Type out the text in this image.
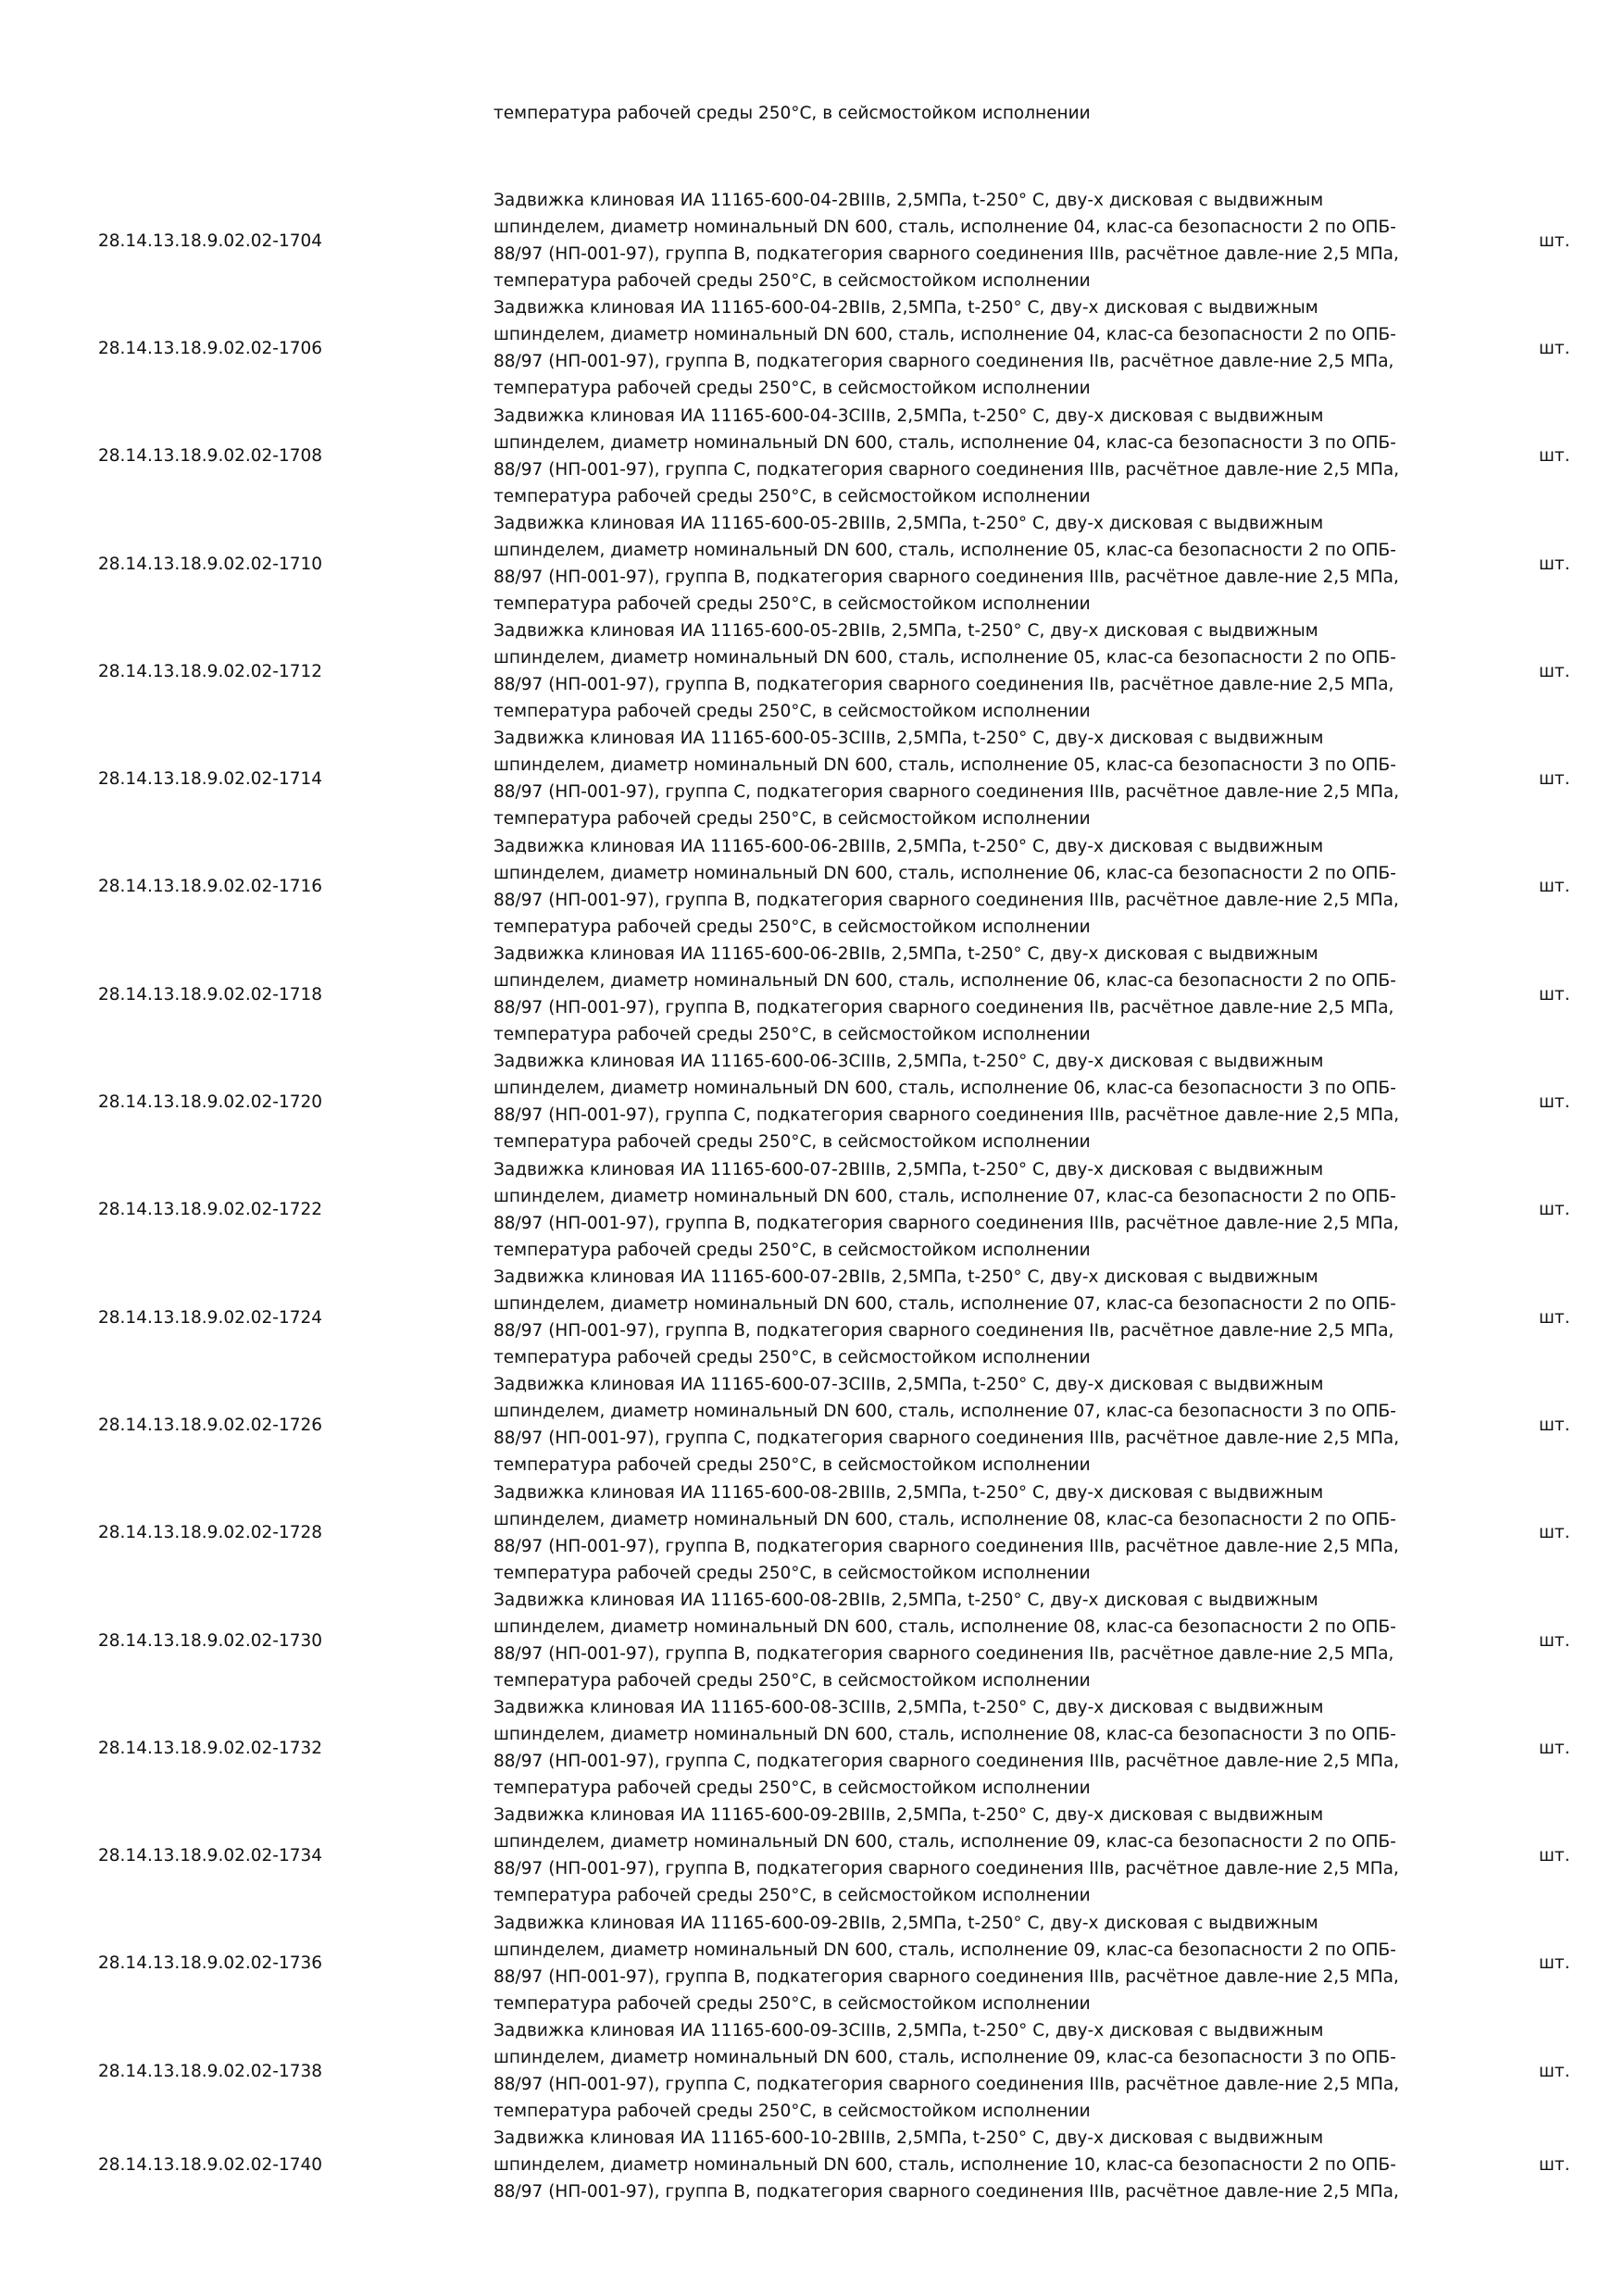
температура рабочей среды 250°С, в сейсмостойком исполнении
28.14.13.18.9.02.02-1704
Задвижка клиновая ИА 11165-600-04-2ВIIIв, 2,5МПа, t-250° С, дву-х дисковая с выдвижным
шпинделем, диаметр номинальный DN 600, сталь, исполнение 04, клас-са безопасности 2 по ОПБ-
88/97 (НП-001-97), группа В, подкатегория сварного соединения IIIв, расчётное давле-ние 2,5 МПа,
температура рабочей среды 250°С, в сейсмостойком исполнении
шт.
28.14.13.18.9.02.02-1706
Задвижка клиновая ИА 11165-600-04-2ВIIв, 2,5МПа, t-250° С, дву-х дисковая с выдвижным
шпинделем, диаметр номинальный DN 600, сталь, исполнение 04, клас-са безопасности 2 по ОПБ-
88/97 (НП-001-97), группа В, подкатегория сварного соединения IIв, расчётное давле-ние 2,5 МПа,
температура рабочей среды 250°С, в сейсмостойком исполнении
шт.
28.14.13.18.9.02.02-1708
Задвижка клиновая ИА 11165-600-04-3СIIIв, 2,5МПа, t-250° С, дву-х дисковая с выдвижным
шпинделем, диаметр номинальный DN 600, сталь, исполнение 04, клас-са безопасности 3 по ОПБ-
88/97 (НП-001-97), группа С, подкатегория сварного соединения IIIв, расчётное давле-ние 2,5 МПа,
температура рабочей среды 250°С, в сейсмостойком исполнении
шт.
28.14.13.18.9.02.02-1710
Задвижка клиновая ИА 11165-600-05-2ВIIIв, 2,5МПа, t-250° С, дву-х дисковая с выдвижным
шпинделем, диаметр номинальный DN 600, сталь, исполнение 05, клас-са безопасности 2 по ОПБ-
88/97 (НП-001-97), группа В, подкатегория сварного соединения IIIв, расчётное давле-ние 2,5 МПа,
температура рабочей среды 250°С, в сейсмостойком исполнении
шт.
28.14.13.18.9.02.02-1712
Задвижка клиновая ИА 11165-600-05-2ВIIв, 2,5МПа, t-250° С, дву-х дисковая с выдвижным
шпинделем, диаметр номинальный DN 600, сталь, исполнение 05, клас-са безопасности 2 по ОПБ-
88/97 (НП-001-97), группа В, подкатегория сварного соединения IIв, расчётное давле-ние 2,5 МПа,
температура рабочей среды 250°С, в сейсмостойком исполнении
шт.
28.14.13.18.9.02.02-1714
Задвижка клиновая ИА 11165-600-05-3СIIIв, 2,5МПа, t-250° С, дву-х дисковая с выдвижным
шпинделем, диаметр номинальный DN 600, сталь, исполнение 05, клас-са безопасности 3 по ОПБ-
88/97 (НП-001-97), группа С, подкатегория сварного соединения IIIв, расчётное давле-ние 2,5 МПа,
температура рабочей среды 250°С, в сейсмостойком исполнении
шт.
28.14.13.18.9.02.02-1716
Задвижка клиновая ИА 11165-600-06-2ВIIIв, 2,5МПа, t-250° С, дву-х дисковая с выдвижным
шпинделем, диаметр номинальный DN 600, сталь, исполнение 06, клас-са безопасности 2 по ОПБ-
88/97 (НП-001-97), группа В, подкатегория сварного соединения IIIв, расчётное давле-ние 2,5 МПа,
температура рабочей среды 250°С, в сейсмостойком исполнении
шт.
28.14.13.18.9.02.02-1718
Задвижка клиновая ИА 11165-600-06-2ВIIв, 2,5МПа, t-250° С, дву-х дисковая с выдвижным
шпинделем, диаметр номинальный DN 600, сталь, исполнение 06, клас-са безопасности 2 по ОПБ-
88/97 (НП-001-97), группа В, подкатегория сварного соединения IIв, расчётное давле-ние 2,5 МПа,
температура рабочей среды 250°С, в сейсмостойком исполнении
шт.
28.14.13.18.9.02.02-1720
Задвижка клиновая ИА 11165-600-06-3СIIIв, 2,5МПа, t-250° С, дву-х дисковая с выдвижным
шпинделем, диаметр номинальный DN 600, сталь, исполнение 06, клас-са безопасности 3 по ОПБ-
88/97 (НП-001-97), группа С, подкатегория сварного соединения IIIв, расчётное давле-ние 2,5 МПа,
температура рабочей среды 250°С, в сейсмостойком исполнении
шт.
28.14.13.18.9.02.02-1722
Задвижка клиновая ИА 11165-600-07-2ВIIIв, 2,5МПа, t-250° С, дву-х дисковая с выдвижным
шпинделем, диаметр номинальный DN 600, сталь, исполнение 07, клас-са безопасности 2 по ОПБ-
88/97 (НП-001-97), группа В, подкатегория сварного соединения IIIв, расчётное давле-ние 2,5 МПа,
температура рабочей среды 250°С, в сейсмостойком исполнении
шт.
28.14.13.18.9.02.02-1724
Задвижка клиновая ИА 11165-600-07-2ВIIв, 2,5МПа, t-250° С, дву-х дисковая с выдвижным
шпинделем, диаметр номинальный DN 600, сталь, исполнение 07, клас-са безопасности 2 по ОПБ-
88/97 (НП-001-97), группа В, подкатегория сварного соединения IIв, расчётное давле-ние 2,5 МПа,
температура рабочей среды 250°С, в сейсмостойком исполнении
шт.
28.14.13.18.9.02.02-1726
Задвижка клиновая ИА 11165-600-07-3СIIIв, 2,5МПа, t-250° С, дву-х дисковая с выдвижным
шпинделем, диаметр номинальный DN 600, сталь, исполнение 07, клас-са безопасности 3 по ОПБ-
88/97 (НП-001-97), группа С, подкатегория сварного соединения IIIв, расчётное давле-ние 2,5 МПа,
температура рабочей среды 250°С, в сейсмостойком исполнении
шт.
28.14.13.18.9.02.02-1728
Задвижка клиновая ИА 11165-600-08-2ВIIIв, 2,5МПа, t-250° С, дву-х дисковая с выдвижным
шпинделем, диаметр номинальный DN 600, сталь, исполнение 08, клас-са безопасности 2 по ОПБ-
88/97 (НП-001-97), группа В, подкатегория сварного соединения IIIв, расчётное давле-ние 2,5 МПа,
температура рабочей среды 250°С, в сейсмостойком исполнении
шт.
28.14.13.18.9.02.02-1730
Задвижка клиновая ИА 11165-600-08-2ВIIв, 2,5МПа, t-250° С, дву-х дисковая с выдвижным
шпинделем, диаметр номинальный DN 600, сталь, исполнение 08, клас-са безопасности 2 по ОПБ-
88/97 (НП-001-97), группа В, подкатегория сварного соединения IIв, расчётное давле-ние 2,5 МПа,
температура рабочей среды 250°С, в сейсмостойком исполнении
шт.
28.14.13.18.9.02.02-1732
Задвижка клиновая ИА 11165-600-08-3СIIIв, 2,5МПа, t-250° С, дву-х дисковая с выдвижным
шпинделем, диаметр номинальный DN 600, сталь, исполнение 08, клас-са безопасности 3 по ОПБ-
88/97 (НП-001-97), группа С, подкатегория сварного соединения IIIв, расчётное давле-ние 2,5 МПа,
температура рабочей среды 250°С, в сейсмостойком исполнении
шт.
28.14.13.18.9.02.02-1734
Задвижка клиновая ИА 11165-600-09-2ВIIIв, 2,5МПа, t-250° С, дву-х дисковая с выдвижным
шпинделем, диаметр номинальный DN 600, сталь, исполнение 09, клас-са безопасности 2 по ОПБ-
88/97 (НП-001-97), группа В, подкатегория сварного соединения IIIв, расчётное давле-ние 2,5 МПа,
температура рабочей среды 250°С, в сейсмостойком исполнении
шт.
28.14.13.18.9.02.02-1736
Задвижка клиновая ИА 11165-600-09-2ВIIв, 2,5МПа, t-250° С, дву-х дисковая с выдвижным
шпинделем, диаметр номинальный DN 600, сталь, исполнение 09, клас-са безопасности 2 по ОПБ-
88/97 (НП-001-97), группа В, подкатегория сварного соединения IIIв, расчётное давле-ние 2,5 МПа,
температура рабочей среды 250°С, в сейсмостойком исполнении
шт.
28.14.13.18.9.02.02-1738
Задвижка клиновая ИА 11165-600-09-3СIIIв, 2,5МПа, t-250° С, дву-х дисковая с выдвижным
шпинделем, диаметр номинальный DN 600, сталь, исполнение 09, клас-са безопасности 3 по ОПБ-
88/97 (НП-001-97), группа С, подкатегория сварного соединения IIIв, расчётное давле-ние 2,5 МПа,
температура рабочей среды 250°С, в сейсмостойком исполнении
шт.
28.14.13.18.9.02.02-1740
Задвижка клиновая ИА 11165-600-10-2ВIIIв, 2,5МПа, t-250° С, дву-х дисковая с выдвижным
шпинделем, диаметр номинальный DN 600, сталь, исполнение 10, клас-са безопасности 2 по ОПБ-
88/97 (НП-001-97), группа В, подкатегория сварного соединения IIIв, расчётное давле-ние 2,5 МПа,
шт.
